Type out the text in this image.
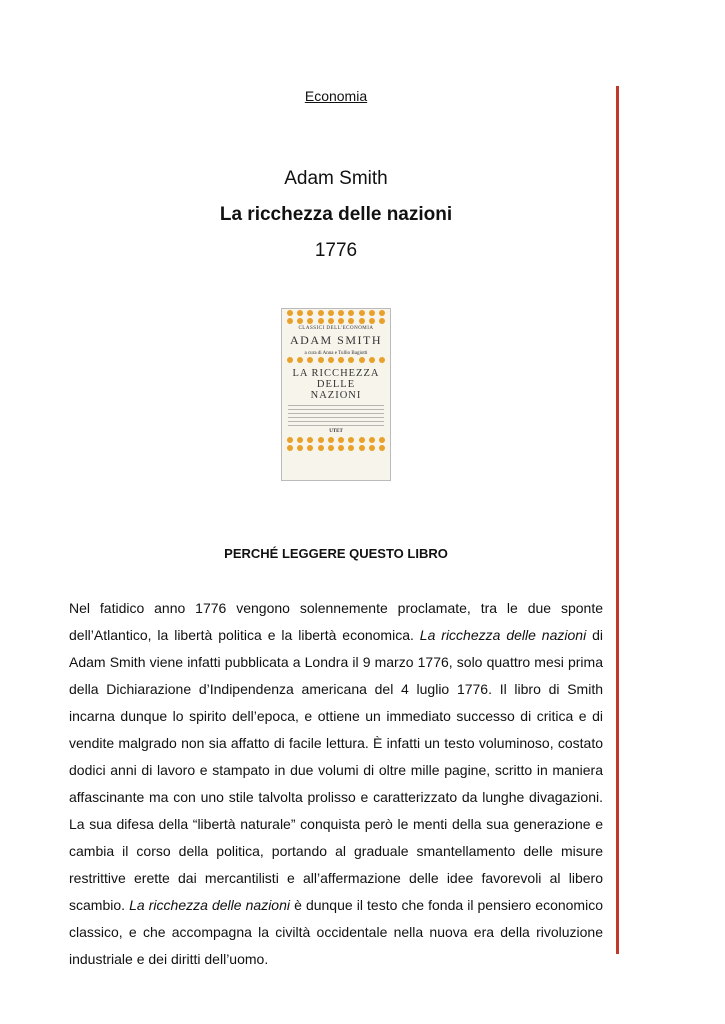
Economia
Adam Smith
La ricchezza delle nazioni
1776
CLASSICI DELL'ECONOMIA
ADAM SMITH
a cura di Anna e Tullio Bagiotti
LA RICCHEZZA
DELLE
NAZIONI
UTET
PERCHÉ LEGGERE QUESTO LIBRO

Nel fatidico anno 1776 vengono solennemente proclamate, tra le due sponte dell’Atlantico, la libertà politica e la libertà economica. La ricchezza delle nazioni di Adam Smith viene infatti pubblicata a Londra il 9 marzo 1776, solo quattro mesi prima della Dichiarazione d’Indipendenza americana del 4 luglio 1776. Il libro di Smith incarna dunque lo spirito dell’epoca, e ottiene un immediato successo di critica e di vendite malgrado non sia affatto di facile lettura. È infatti un testo voluminoso, costato dodici anni di lavoro e stampato in due volumi di oltre mille pagine, scritto in maniera affascinante ma con uno stile talvolta prolisso e caratterizzato da lunghe divagazioni. La sua difesa della “libertà naturale” conquista però le menti della sua generazione e cambia il corso della politica, portando al graduale smantellamento delle misure restrittive erette dai mercantilisti e all’affermazione delle idee favorevoli al libero scambio. La ricchezza delle nazioni è dunque il testo che fonda il pensiero economico classico, e che accompagna la civiltà occidentale nella nuova era della rivoluzione industriale e dei diritti dell’uomo.
